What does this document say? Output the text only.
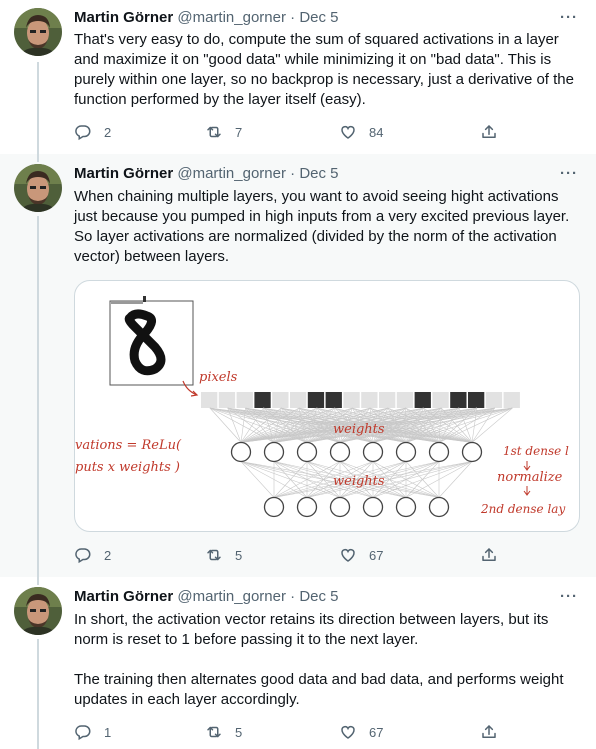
Martin Görner @martin_gorner · Dec 5	···

That's very easy to do, compute the sum of squared activations in a layer and maximize it on "good data" while minimizing it on "bad data". This is purely within one layer, so no backprop is necessary, just a derivative of the function performed by the layer itself (easy).

2	7	84
Martin Görner @martin_gorner · Dec 5	···

When chaining multiple layers, you want to avoid seeing hight activations just because you pumped in high inputs from a very excited previous layer. So layer activations are normalized (divided by the norm of the activation vector) between layers.

pixels
weights
weights
vations = ReLu(
puts x weights )
1st dense l
normalize
2nd dense lay
2	5	67
Martin Görner @martin_gorner · Dec 5	···

In short, the activation vector retains its direction between layers, but its norm is reset to 1 before passing it to the next layer.

The training then alternates good data and bad data, and performs weight updates in each layer accordingly.

1	5	67
